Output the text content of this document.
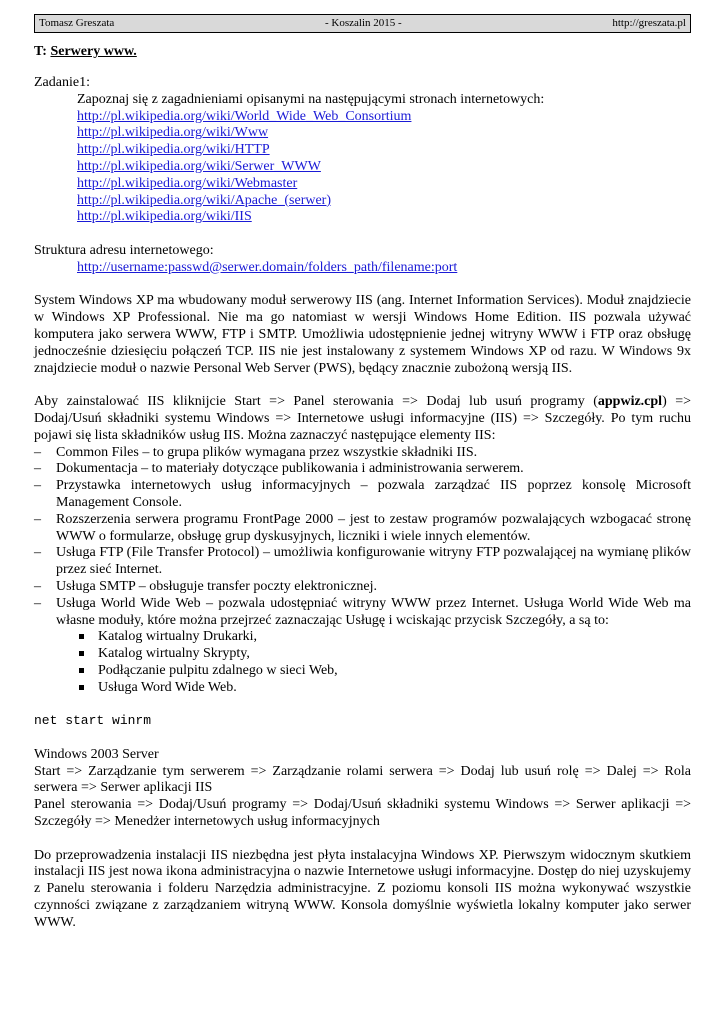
Tomasz Greszata	- Koszalin 2015 -	http://greszata.pl
T: Serwery www.
Zadanie1:
Zapoznaj się z zagadnieniami opisanymi na następującymi stronach internetowych:
http://pl.wikipedia.org/wiki/World_Wide_Web_Consortium
http://pl.wikipedia.org/wiki/Www
http://pl.wikipedia.org/wiki/HTTP
http://pl.wikipedia.org/wiki/Serwer_WWW
http://pl.wikipedia.org/wiki/Webmaster
http://pl.wikipedia.org/wiki/Apache_(serwer)
http://pl.wikipedia.org/wiki/IIS
Struktura adresu internetowego:
http://username:passwd@serwer.domain/folders_path/filename:port
System Windows XP ma wbudowany moduł serwerowy IIS (ang. Internet Information Services). Moduł znajdziecie w Windows XP Professional. Nie ma go natomiast w wersji Windows Home Edition. IIS pozwala używać komputera jako serwera WWW, FTP i SMTP. Umożliwia udostępnienie jednej witryny WWW i FTP oraz obsługę jednocześnie dziesięciu połączeń TCP. IIS nie jest instalowany z systemem Windows XP od razu. W Windows 9x znajdziecie moduł o nazwie Personal Web Server (PWS), będący znacznie zubożoną wersją IIS.
Aby zainstalować IIS kliknijcie Start => Panel sterowania => Dodaj lub usuń programy (appwiz.cpl) => Dodaj/Usuń składniki systemu Windows => Internetowe usługi informacyjne (IIS) => Szczegóły. Po tym ruchu pojawi się lista składników usług IIS. Można zaznaczyć następujące elementy IIS:
– Common Files – to grupa plików wymagana przez wszystkie składniki IIS.
– Dokumentacja – to materiały dotyczące publikowania i administrowania serwerem.
– Przystawka internetowych usług informacyjnych – pozwala zarządzać IIS poprzez konsolę Microsoft Management Console.
– Rozszerzenia serwera programu FrontPage 2000 – jest to zestaw programów pozwalających wzbogacać stronę WWW o formularze, obsługę grup dyskusyjnych, liczniki i wiele innych elementów.
– Usługa FTP (File Transfer Protocol) – umożliwia konfigurowanie witryny FTP pozwalającej na wymianę plików przez sieć Internet.
– Usługa SMTP – obsługuje transfer poczty elektronicznej.
– Usługa World Wide Web – pozwala udostępniać witryny WWW przez Internet. Usługa World Wide Web ma własne moduły, które można przejrzeć zaznaczając Usługę i wciskając przycisk Szczegóły, a są to:
Katalog wirtualny Drukarki,
Katalog wirtualny Skrypty,
Podłączanie pulpitu zdalnego w sieci Web,
Usługa Word Wide Web.
net start winrm
Windows 2003 Server
Start => Zarządzanie tym serwerem => Zarządzanie rolami serwera => Dodaj lub usuń rolę => Dalej => Rola serwera => Serwer aplikacji IIS
Panel sterowania => Dodaj/Usuń programy => Dodaj/Usuń składniki systemu Windows => Serwer aplikacji => Szczegóły => Menedżer internetowych usług informacyjnych
Do przeprowadzenia instalacji IIS niezbędna jest płyta instalacyjna Windows XP. Pierwszym widocznym skutkiem instalacji IIS jest nowa ikona administracyjna o nazwie Internetowe usługi informacyjne. Dostęp do niej uzyskujemy z Panelu sterowania i folderu Narzędzia administracyjne. Z poziomu konsoli IIS można wykonywać wszystkie czynności związane z zarządzaniem witryną WWW. Konsola domyślnie wyświetla lokalny komputer jako serwer WWW.
